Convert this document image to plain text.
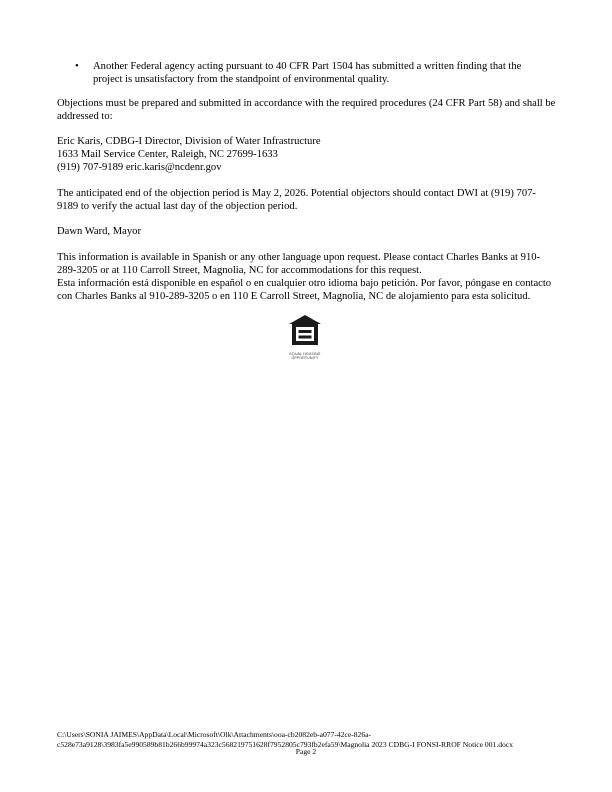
• Another Federal agency acting pursuant to 40 CFR Part 1504 has submitted a written finding that the project is unsatisfactory from the standpoint of environmental quality.

Objections must be prepared and submitted in accordance with the required procedures (24 CFR Part 58) and shall be addressed to:

Eric Karis, CDBG-I Director, Division of Water Infrastructure
1633 Mail Service Center, Raleigh, NC 27699-1633
(919) 707-9189 eric.karis@ncdenr.gov

The anticipated end of the objection period is May 2, 2026. Potential objectors should contact DWI at (919) 707-9189 to verify the actual last day of the objection period.

Dawn Ward, Mayor

This information is available in Spanish or any other language upon request. Please contact Charles Banks at 910-289-3205 or at 110 Carroll Street, Magnolia, NC for accommodations for this request.

Esta información está disponible en español o en cualquier otro idioma bajo petición. Por favor, póngase en contacto con Charles Banks al 910-289-3205 o en 110 E Carroll Street, Magnolia, NC de alojamiento para esta solicitud.

EQUAL HOUSING
OPPORTUNITY
C:\Users\SONIA JAIMES\AppData\Local\Microsoft\Olk\Attachments\ooa-cb2082eb-a077-42ce-826a-
c528e73a9128\3983fa5e990589b81b266b99974a323c568219751628f7952805c793fb2efa59\Magnolia 2023 CDBG-I FONSI-RROF Notice 001.docx
Page 2
